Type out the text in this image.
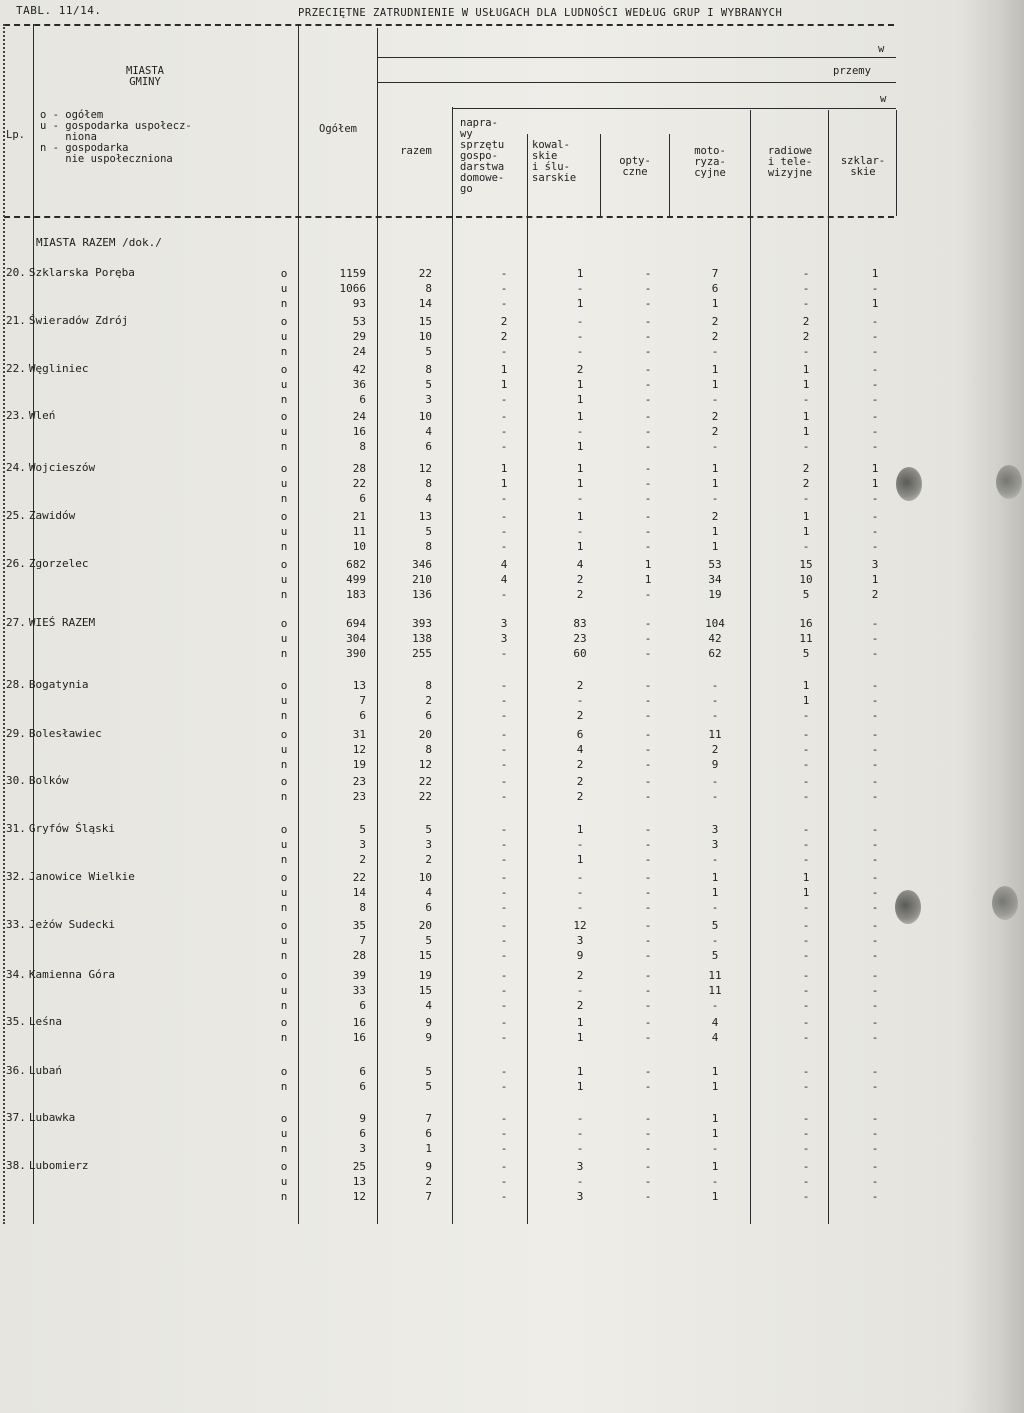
TABL. 11/14.	PRZECIĘTNE ZATRUDNIENIE W USŁUGACH DLA LUDNOŚCI WEDŁUG GRUP I WYBRANYCH
Lp.
MIASTA
GMINY
o - ogółem
u - gospodarka uspołecz-
niona
n - gospodarka
nie uspołeczniona
Ogółem
w
przemy
w
razem
napra-
wy
sprzętu
gospo-
darstwa
domowe-
go
kowal-
skie
i ślu-
sarskie
opty-
czne
moto-
ryza-
cyjne
radiowe
i tele-
wizyjne
szklar-
skie
MIASTA RAZEM /dok./
20. Szklarska Poręba	o	1159	22	-	1	-	7	-	1
u	1066	8	-	-	-	6	-	-
n	93	14	-	1	-	1	-	1
21. Świeradów Zdrój	o	53	15	2	-	-	2	2	-
u	29	10	2	-	-	2	2	-
n	24	5	-	-	-	-	-	-
22. Węgliniec	o	42	8	1	2	-	1	1	-
u	36	5	1	1	-	1	1	-
n	6	3	-	1	-	-	-	-
23. Wleń	o	24	10	-	1	-	2	1	-
u	16	4	-	-	-	2	1	-
n	8	6	-	1	-	-	-	-
24. Wojcieszów	o	28	12	1	1	-	1	2	1
u	22	8	1	1	-	1	2	1
n	6	4	-	-	-	-	-	-
25. Zawidów	o	21	13	-	1	-	2	1	-
u	11	5	-	-	-	1	1	-
n	10	8	-	1	-	1	-	-
26. Zgorzelec	o	682	346	4	4	1	53	15	3
u	499	210	4	2	1	34	10	1
n	183	136	-	2	-	19	5	2
27. WIEŚ RAZEM	o	694	393	3	83	-	104	16	-
u	304	138	3	23	-	42	11	-
n	390	255	-	60	-	62	5	-
28. Bogatynia	o	13	8	-	2	-	-	1	-
u	7	2	-	-	-	-	1	-
n	6	6	-	2	-	-	-	-
29. Bolesławiec	o	31	20	-	6	-	11	-	-
u	12	8	-	4	-	2	-	-
n	19	12	-	2	-	9	-	-
30. Bolków	o	23	22	-	2	-	-	-	-
n	23	22	-	2	-	-	-	-
31. Gryfów Śląski	o	5	5	-	1	-	3	-	-
u	3	3	-	-	-	3	-	-
n	2	2	-	1	-	-	-	-
32. Janowice Wielkie	o	22	10	-	-	-	1	1	-
u	14	4	-	-	-	1	1	-
n	8	6	-	-	-	-	-	-
33. Jeżów Sudecki	o	35	20	-	12	-	5	-	-
u	7	5	-	3	-	-	-	-
n	28	15	-	9	-	5	-	-
34. Kamienna Góra	o	39	19	-	2	-	11	-	-
u	33	15	-	-	-	11	-	-
n	6	4	-	2	-	-	-	-
35. Leśna	o	16	9	-	1	-	4	-	-
n	16	9	-	1	-	4	-	-
36. Lubań	o	6	5	-	1	-	1	-	-
n	6	5	-	1	-	1	-	-
37. Lubawka	o	9	7	-	-	-	1	-	-
u	6	6	-	-	-	1	-	-
n	3	1	-	-	-	-	-	-
38. Lubomierz	o	25	9	-	3	-	1	-	-
u	13	2	-	-	-	-	-	-
n	12	7	-	3	-	1	-	-
